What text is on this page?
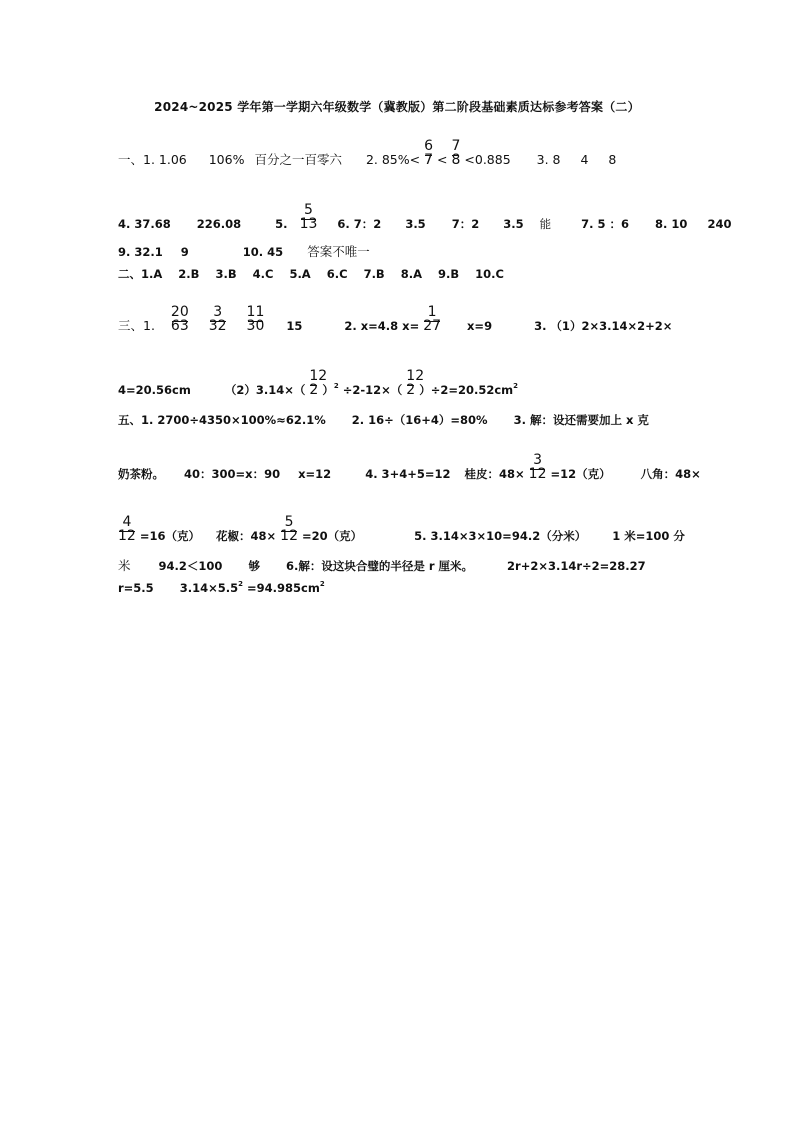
2024~2025 学年第一学期六年级数学（冀教版）第二阶段基础素质达标参考答案（二）
一、1. 1.06 106% 百分之一百零六 2. $85\%< \frac{6}{7} < \frac{7}{8} <0.885$ 3. 8 4 8
4. 37.68 226.08	5. $\frac{5}{13} 6$. 7：2 3.5 7：2 3.5 能	7. 5 ：6 8. 10 240
9. 32.1 9	10. 45 答案不唯一
二、1.A 2.B 3.B 4.C 5.A 6.C 7.B 8.A 9.B 10.C
三、1. $\frac{20}{63}$
$\frac{3}{32}$
$\frac{11}{30} 15$	2. x=4.8 $x= \frac{1}{27} x=9$	3. （1）2×3.14×2+2×
4=20.56cm	$(2)3.14\times( \frac{12}{2} )^2 \div 2-12\times( \frac{12}{2} )\div 2=20.52cm^2$
五、1. 2700÷4350×100%≈62.1% 2. 16÷（16+4）=80% 3. 解：设还需要加上 x 克
奶茶粉。 40：300=x：90 x=12	4. 3+4+5=12 桂皮：$48\times \frac{3}{12} =12$（克）	八角：48×
$\frac{4}{12} =16$（克） 花椒：$48\times \frac{5}{12} =20$（克）	5. 3.14×3×10=94.2（分米） 1 米=100 分
米 94.2＜100 够 6.解：设这块合璧的半径是 r 厘米。	2r+2×3.14r÷2=28.27
r=5.5 $3.14\times 5.5^2 =94.985cm^2$
